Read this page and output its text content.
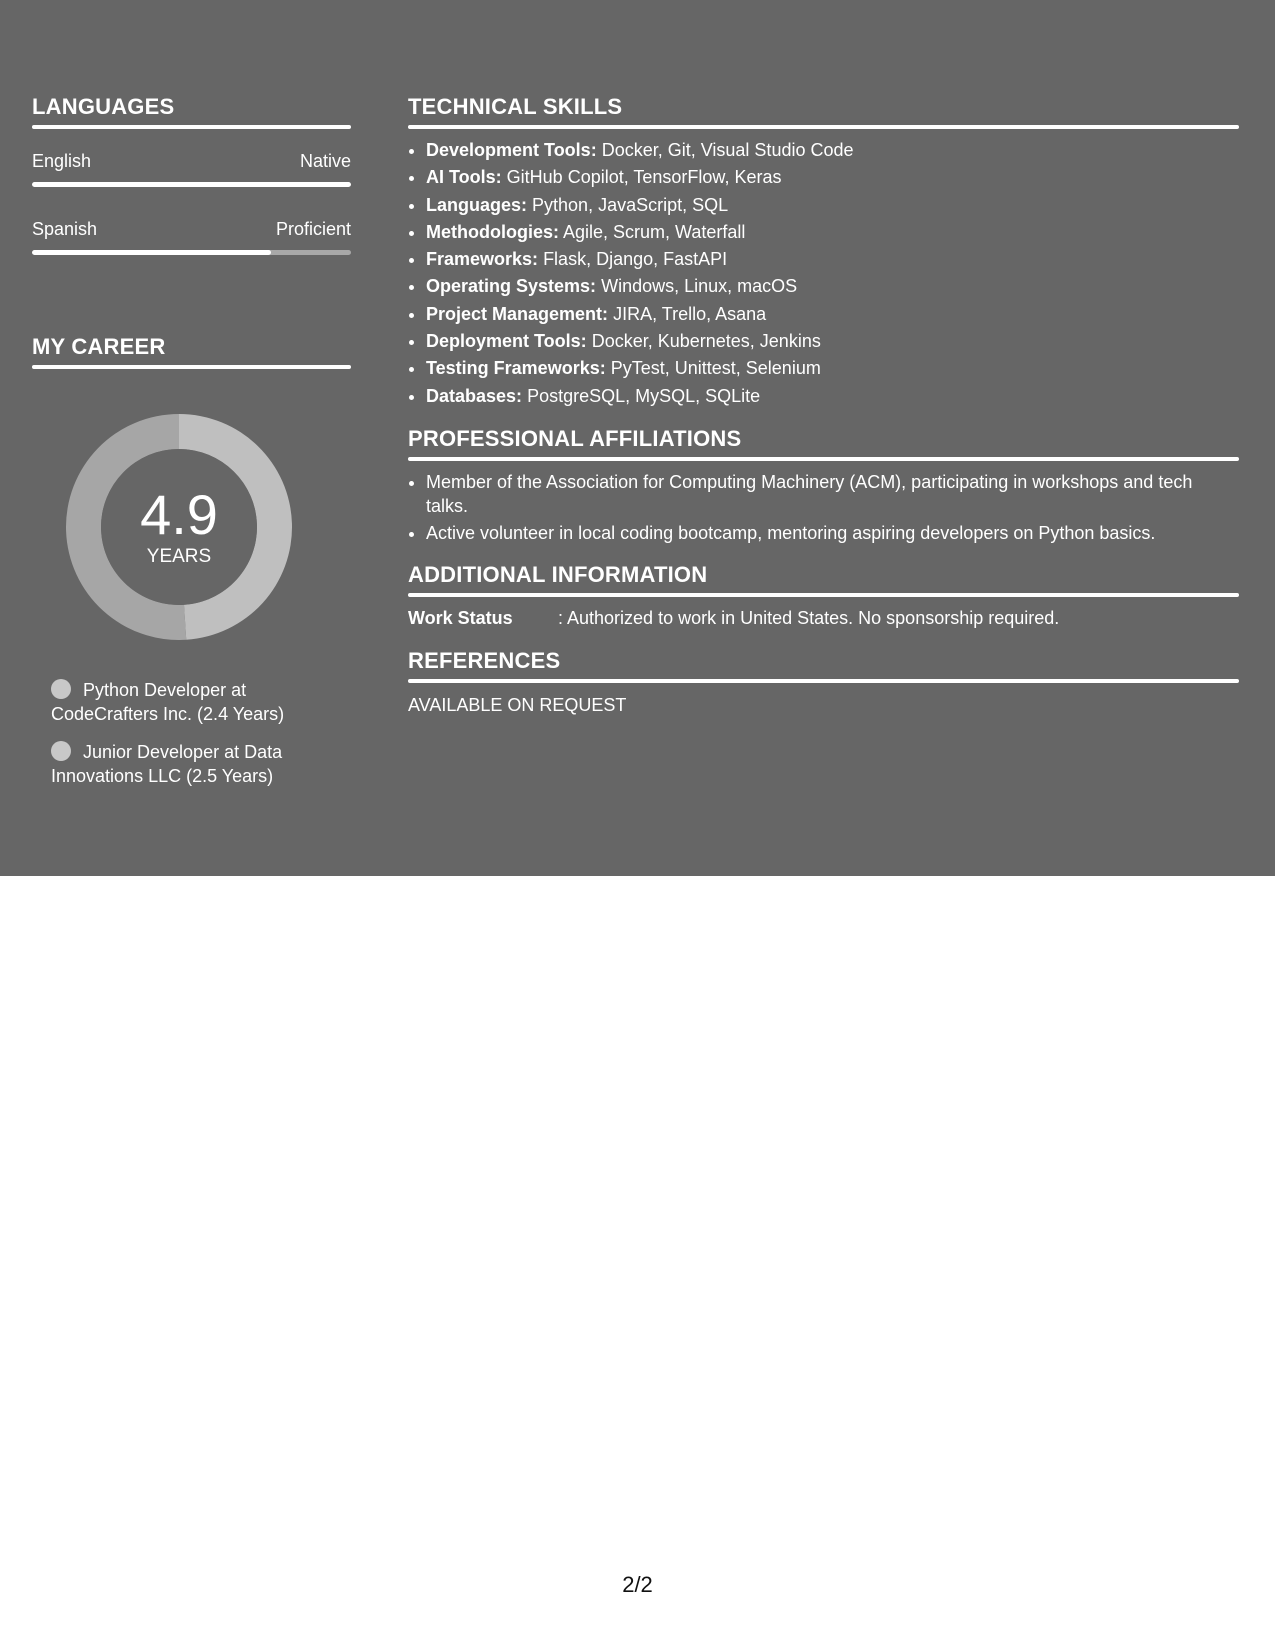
LANGUAGES
English	Native
Spanish	Proficient
MY CAREER
4.9
YEARS
Python Developer at CodeCrafters Inc. (2.4 Years)
Junior Developer at Data Innovations LLC (2.5 Years)
TECHNICAL SKILLS
• Development Tools: Docker, Git, Visual Studio Code
• AI Tools: GitHub Copilot, TensorFlow, Keras
• Languages: Python, JavaScript, SQL
• Methodologies: Agile, Scrum, Waterfall
• Frameworks: Flask, Django, FastAPI
• Operating Systems: Windows, Linux, macOS
• Project Management: JIRA, Trello, Asana
• Deployment Tools: Docker, Kubernetes, Jenkins
• Testing Frameworks: PyTest, Unittest, Selenium
• Databases: PostgreSQL, MySQL, SQLite
PROFESSIONAL AFFILIATIONS
• Member of the Association for Computing Machinery (ACM), participating in workshops and tech talks.
• Active volunteer in local coding bootcamp, mentoring aspiring developers on Python basics.
ADDITIONAL INFORMATION
Work Status	: Authorized to work in United States. No sponsorship required.
REFERENCES
AVAILABLE ON REQUEST
2/2
